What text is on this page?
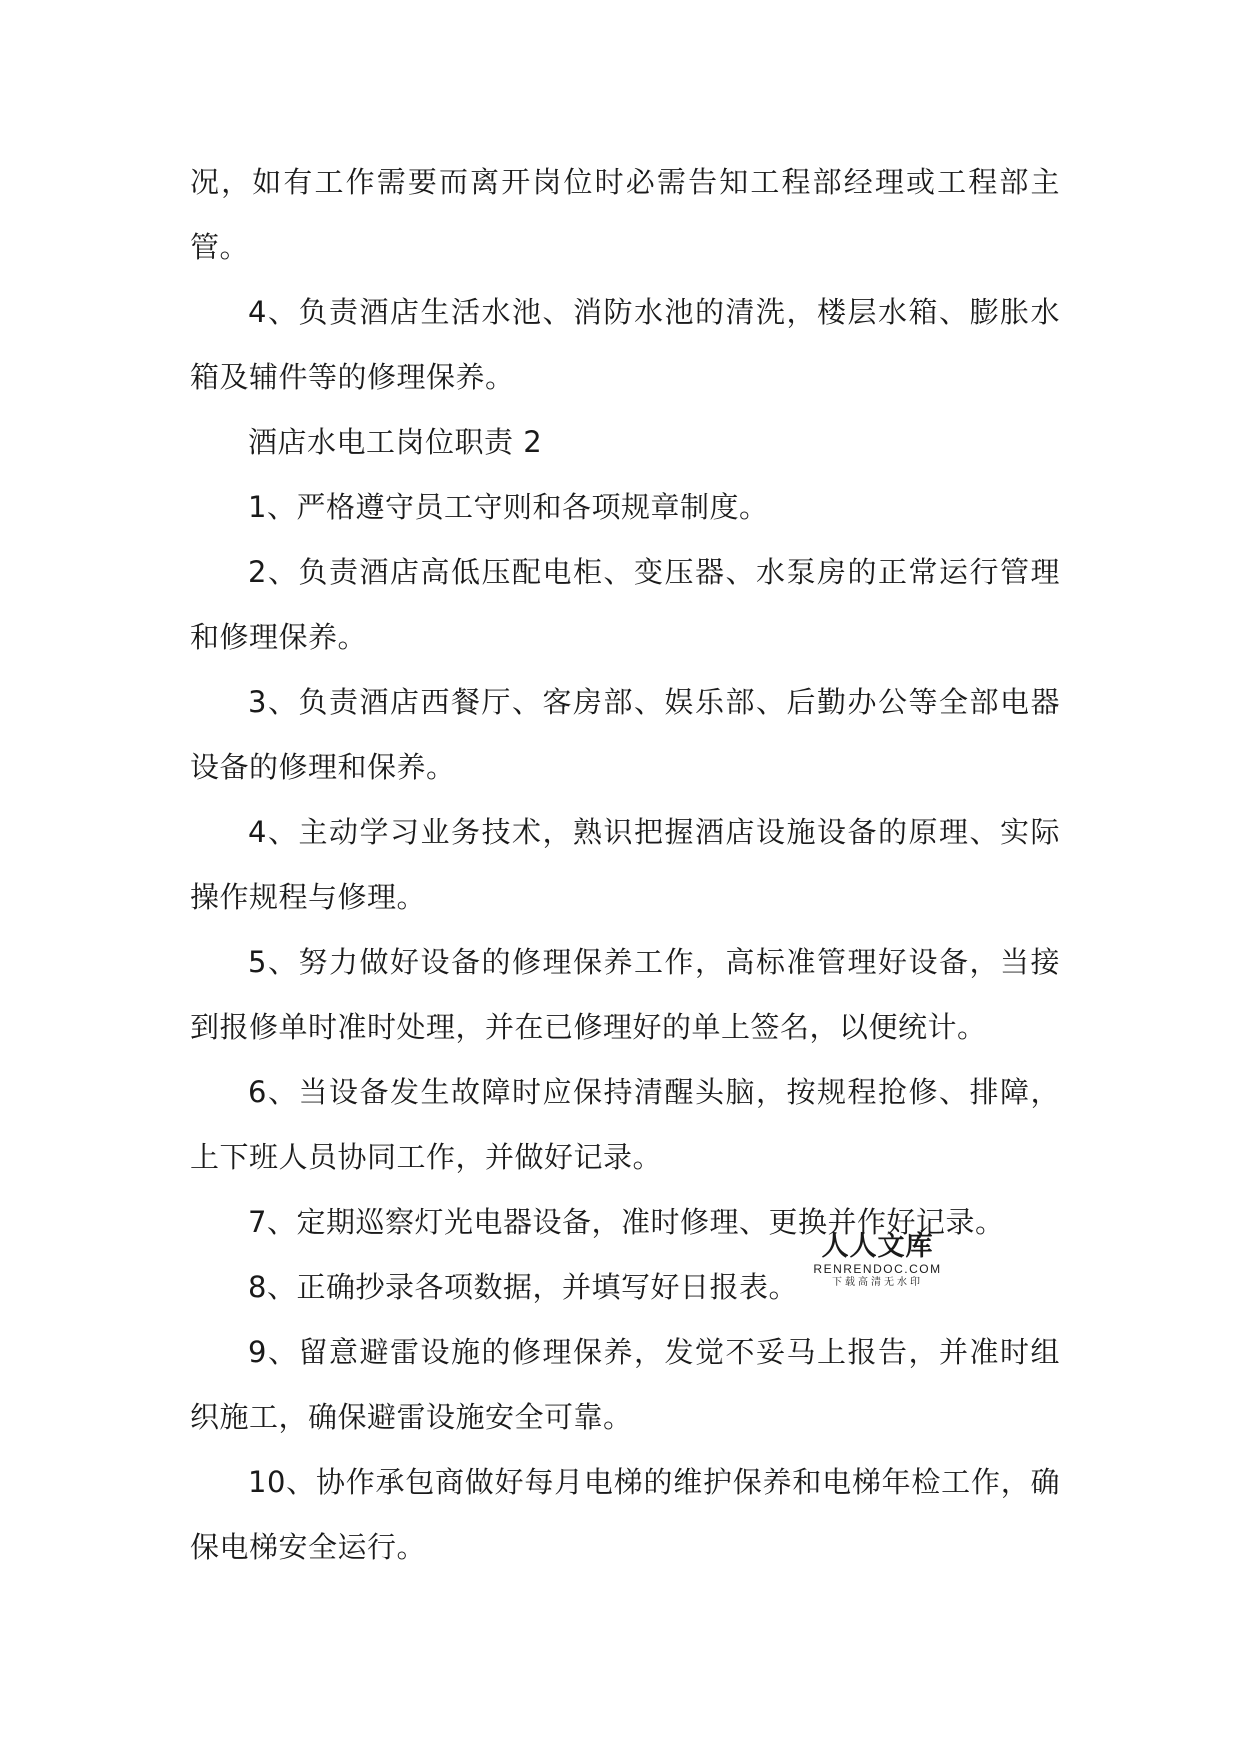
况，如有工作需要而离开岗位时必需告知工程部经理或工程部主管。

4、负责酒店生活水池、消防水池的清洗，楼层水箱、膨胀水箱及辅件等的修理保养。

酒店水电工岗位职责 2

1、严格遵守员工守则和各项规章制度。

2、负责酒店高低压配电柜、变压器、水泵房的正常运行管理和修理保养。

3、负责酒店西餐厅、客房部、娱乐部、后勤办公等全部电器设备的修理和保养。

4、主动学习业务技术，熟识把握酒店设施设备的原理、实际操作规程与修理。

5、努力做好设备的修理保养工作，高标准管理好设备，当接到报修单时准时处理，并在已修理好的单上签名，以便统计。

6、当设备发生故障时应保持清醒头脑，按规程抢修、排障，上下班人员协同工作，并做好记录。

7、定期巡察灯光电器设备，准时修理、更换并作好记录。

8、正确抄录各项数据，并填写好日报表。

9、留意避雷设施的修理保养，发觉不妥马上报告，并准时组织施工，确保避雷设施安全可靠。

10、协作承包商做好每月电梯的维护保养和电梯年检工作，确保电梯安全运行。

人人文库
RENRENDOC.COM
下载高清无水印
